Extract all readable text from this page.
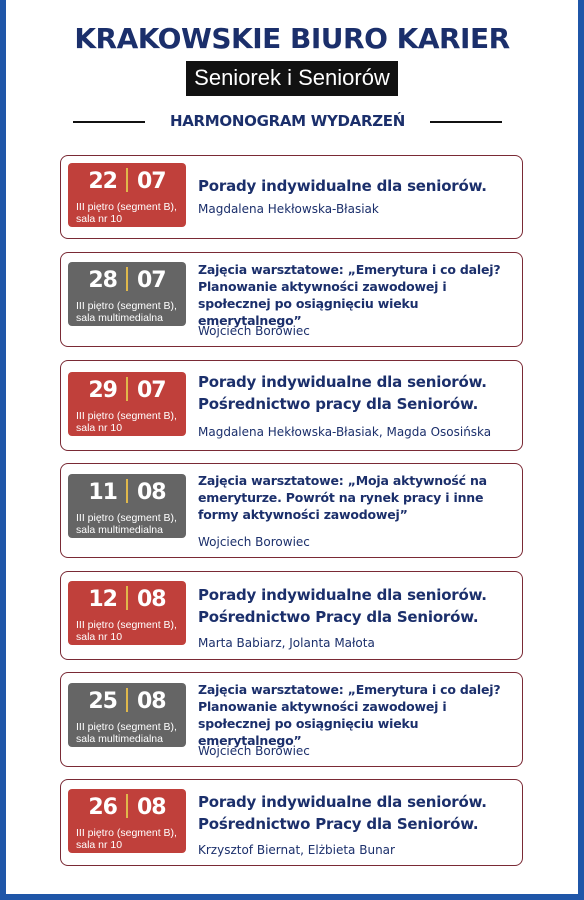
KRAKOWSKIE BIURO KARIER
Seniorek i Seniorów
HARMONOGRAM WYDARZEŃ
22 07
III piętro (segment B), sala nr 10
Porady indywidualne dla seniorów.
Magdalena Hekłowska-Błasiak
28 07
III piętro (segment B), sala multimedialna
Zajęcia warsztatowe: „Emerytura i co dalej? Planowanie aktywności zawodowej i społecznej po osiągnięciu wieku emerytalnego”
Wojciech Borowiec
29 07
III piętro (segment B), sala nr 10
Porady indywidualne dla seniorów. Pośrednictwo pracy dla Seniorów.
Magdalena Hekłowska-Błasiak, Magda Ososińska
11 08
III piętro (segment B), sala multimedialna
Zajęcia warsztatowe: „Moja aktywność na emeryturze. Powrót na rynek pracy i inne formy aktywności zawodowej”
Wojciech Borowiec
12 08
III piętro (segment B), sala nr 10
Porady indywidualne dla seniorów. Pośrednictwo Pracy dla Seniorów.
Marta Babiarz, Jolanta Małota
25 08
III piętro (segment B), sala multimedialna
Zajęcia warsztatowe: „Emerytura i co dalej? Planowanie aktywności zawodowej i społecznej po osiągnięciu wieku emerytalnego”
Wojciech Borowiec
26 08
III piętro (segment B), sala nr 10
Porady indywidualne dla seniorów. Pośrednictwo Pracy dla Seniorów.
Krzysztof Biernat, Elżbieta Bunar
